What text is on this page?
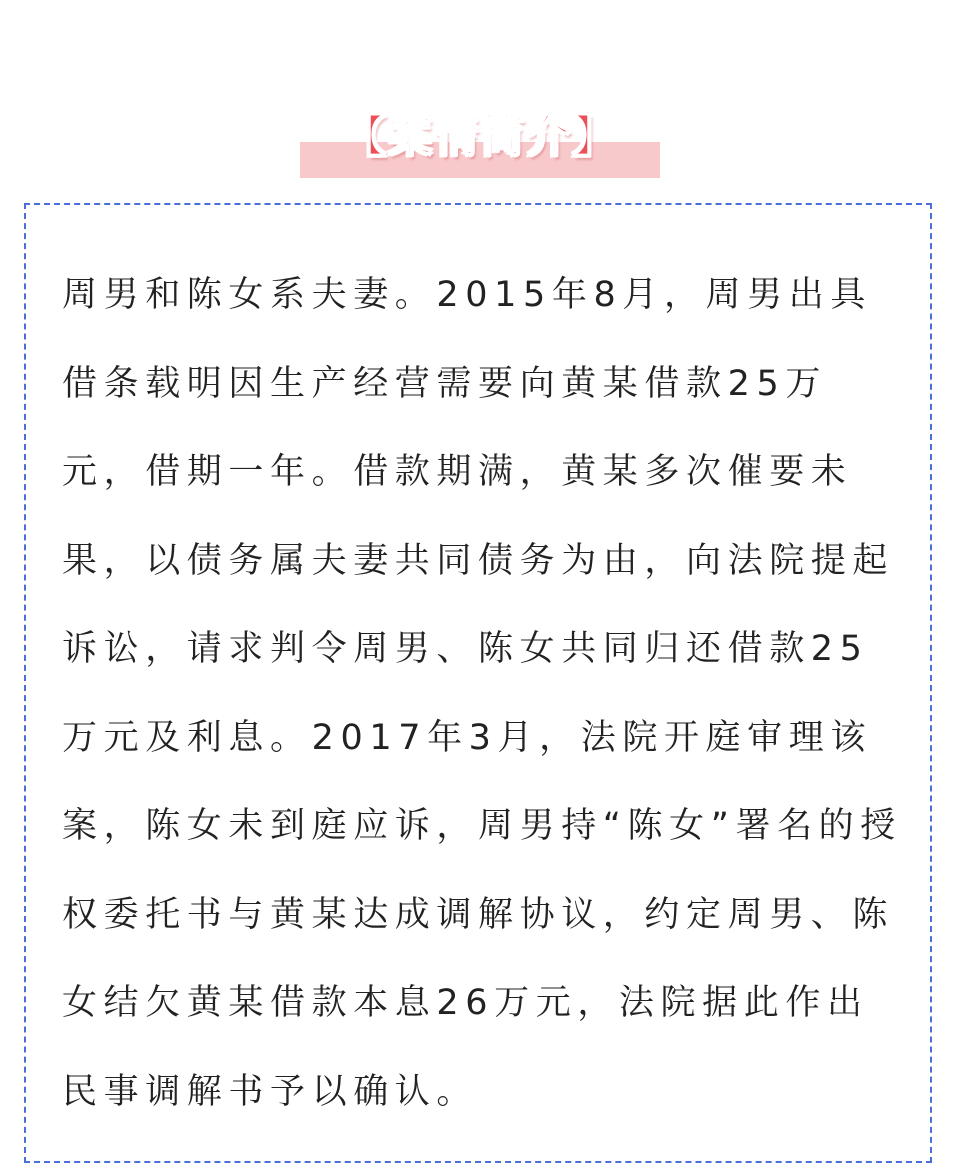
【案情简介】

周男和陈女系夫妻。2015年8月，周男出具借条载明因生产经营需要向黄某借款25万元，借期一年。借款期满，黄某多次催要未果，以债务属夫妻共同债务为由，向法院提起诉讼，请求判令周男、陈女共同归还借款25万元及利息。2017年3月，法院开庭审理该案，陈女未到庭应诉，周男持“陈女”署名的授权委托书与黄某达成调解协议，约定周男、陈女结欠黄某借款本息26万元，法院据此作出民事调解书予以确认。
